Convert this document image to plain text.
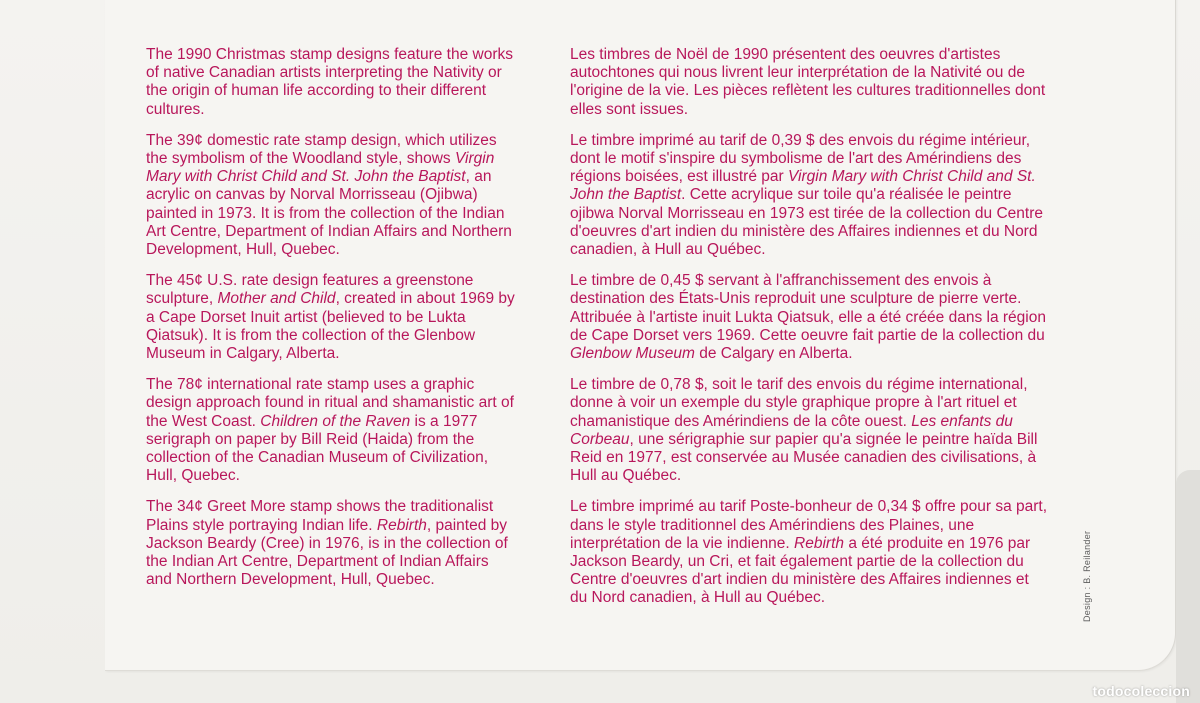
The 1990 Christmas stamp designs feature the works of native Canadian artists interpreting the Nativity or the origin of human life according to their different cultures.

The 39¢ domestic rate stamp design, which utilizes the symbolism of the Woodland style, shows Virgin Mary with Christ Child and St. John the Baptist, an acrylic on canvas by Norval Morrisseau (Ojibwa) painted in 1973. It is from the collection of the Indian Art Centre, Department of Indian Affairs and Northern Development, Hull, Quebec.

The 45¢ U.S. rate design features a greenstone sculpture, Mother and Child, created in about 1969 by a Cape Dorset Inuit artist (believed to be Lukta Qiatsuk). It is from the collection of the Glenbow Museum in Calgary, Alberta.

The 78¢ international rate stamp uses a graphic design approach found in ritual and shamanistic art of the West Coast. Children of the Raven is a 1977 serigraph on paper by Bill Reid (Haida) from the collection of the Canadian Museum of Civilization, Hull, Quebec.

The 34¢ Greet More stamp shows the traditionalist Plains style portraying Indian life. Rebirth, painted by Jackson Beardy (Cree) in 1976, is in the collection of the Indian Art Centre, Department of Indian Affairs and Northern Development, Hull, Quebec.

Les timbres de Noël de 1990 présentent des oeuvres d'artistes autochtones qui nous livrent leur interprétation de la Nativité ou de l'origine de la vie. Les pièces reflètent les cultures traditionnelles dont elles sont issues.

Le timbre imprimé au tarif de 0,39 $ des envois du régime intérieur, dont le motif s'inspire du symbolisme de l'art des Amérindiens des régions boisées, est illustré par Virgin Mary with Christ Child and St. John the Baptist. Cette acrylique sur toile qu'a réalisée le peintre ojibwa Norval Morrisseau en 1973 est tirée de la collection du Centre d'oeuvres d'art indien du ministère des Affaires indiennes et du Nord canadien, à Hull au Québec.

Le timbre de 0,45 $ servant à l'affranchissement des envois à destination des États-Unis reproduit une sculpture de pierre verte. Attribuée à l'artiste inuit Lukta Qiatsuk, elle a été créée dans la région de Cape Dorset vers 1969. Cette oeuvre fait partie de la collection du Glenbow Museum de Calgary en Alberta.

Le timbre de 0,78 $, soit le tarif des envois du régime international, donne à voir un exemple du style graphique propre à l'art rituel et chamanistique des Amérindiens de la côte ouest. Les enfants du Corbeau, une sérigraphie sur papier qu'a signée le peintre haïda Bill Reid en 1977, est conservée au Musée canadien des civilisations, à Hull au Québec.

Le timbre imprimé au tarif Poste-bonheur de 0,34 $ offre pour sa part, dans le style traditionnel des Amérindiens des Plaines, une interprétation de la vie indienne. Rebirth a été produite en 1976 par Jackson Beardy, un Cri, et fait également partie de la collection du Centre d'oeuvres d'art indien du ministère des Affaires indiennes et du Nord canadien, à Hull au Québec.	Design : B. Reilander
todocoleccion
